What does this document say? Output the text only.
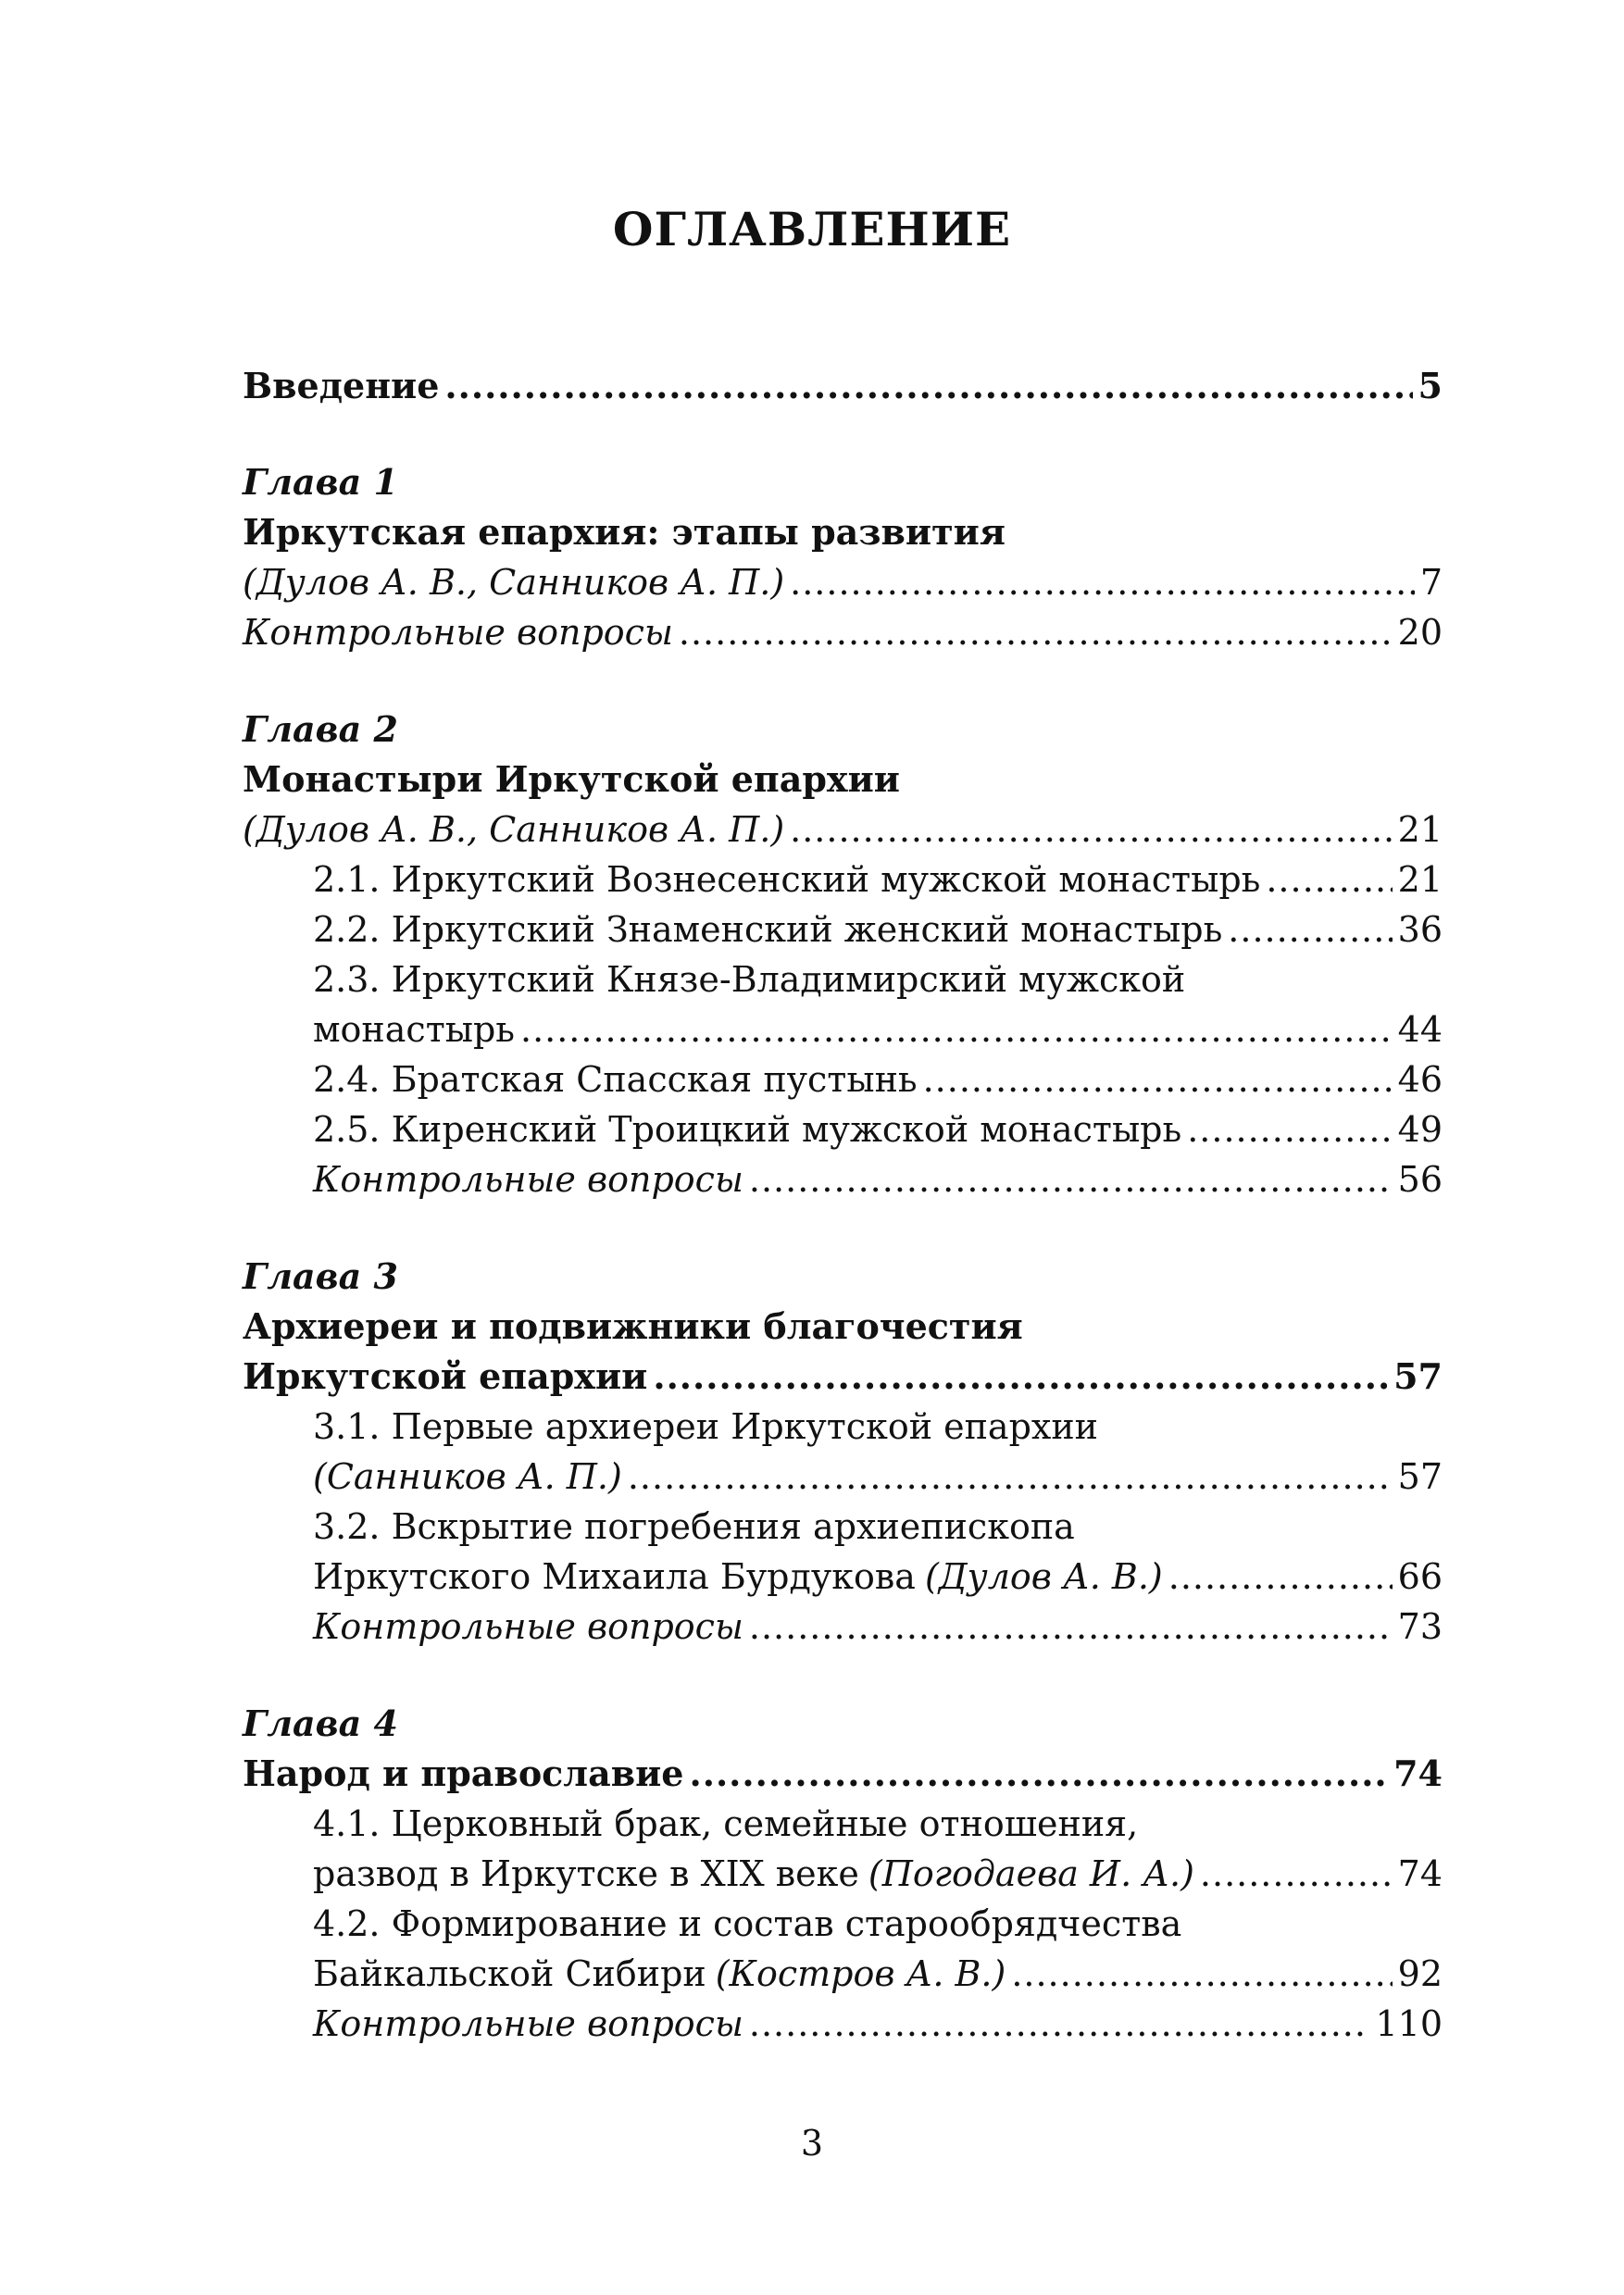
ОГЛАВЛЕНИЕ
Введение .....	5
Глава 1
Иркутская епархия: этапы развития
(Дулов А. В., Санников А. П.) .....	7
Контрольные вопросы .....	20
Глава 2
Монастыри Иркутской епархии
(Дулов А. В., Санников А. П.) .....	21
2.1. Иркутский Вознесенский мужской монастырь .....	21
2.2. Иркутский Знаменский женский монастырь .....	36
2.3. Иркутский Князе-Владимирский мужской
монастырь .....	44
2.4. Братская Спасская пустынь .....	46
2.5. Киренский Троицкий мужской монастырь .....	49
Контрольные вопросы .....	56
Глава 3
Архиереи и подвижники благочестия
Иркутской епархии .....	57
3.1. Первые архиереи Иркутской епархии
(Санников А. П.) .....	57
3.2. Вскрытие погребения архиепископа
Иркутского Михаила Бурдукова (Дулов А. В.) .....	66
Контрольные вопросы .....	73
Глава 4
Народ и православие .....	74
4.1. Церковный брак, семейные отношения,
развод в Иркутске в XIX веке (Погодаева И. А.) .....	74
4.2. Формирование и состав старообрядчества
Байкальской Сибири (Костров А. В.) .....	92
Контрольные вопросы .....	110
3
